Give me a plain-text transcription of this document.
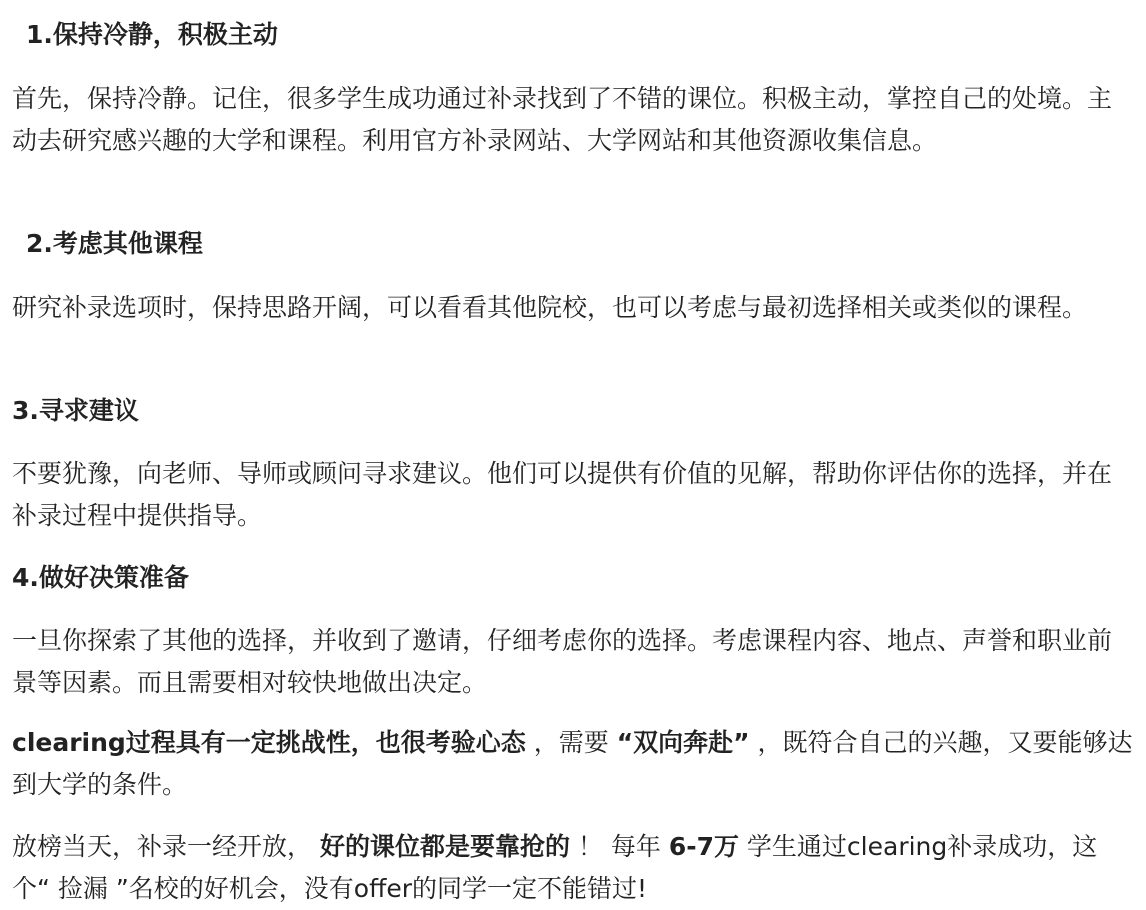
1.保持冷静，积极主动

首先，保持冷静。记住，很多学生成功通过补录找到了不错的课位。积极主动，掌控自己的处境。主动去研究感兴趣的大学和课程。利用官方补录网站、大学网站和其他资源收集信息。

2.考虑其他课程

研究补录选项时，保持思路开阔，可以看看其他院校，也可以考虑与最初选择相关或类似的课程。

3.寻求建议

不要犹豫，向老师、导师或顾问寻求建议。他们可以提供有价值的见解，帮助你评估你的选择，并在补录过程中提供指导。

4.做好决策准备

一旦你探索了其他的选择，并收到了邀请，仔细考虑你的选择。考虑课程内容、地点、声誉和职业前景等因素。而且需要相对较快地做出决定。

clearing过程具有一定挑战性，也很考验心态 ，需要 “双向奔赴” ，既符合自己的兴趣，又要能够达到大学的条件。

放榜当天，补录一经开放， 好的课位都是要靠抢的 ！ 每年 6-7万 学生通过clearing补录成功，这个“ 捡漏 ”名校的好机会，没有offer的同学一定不能错过!
